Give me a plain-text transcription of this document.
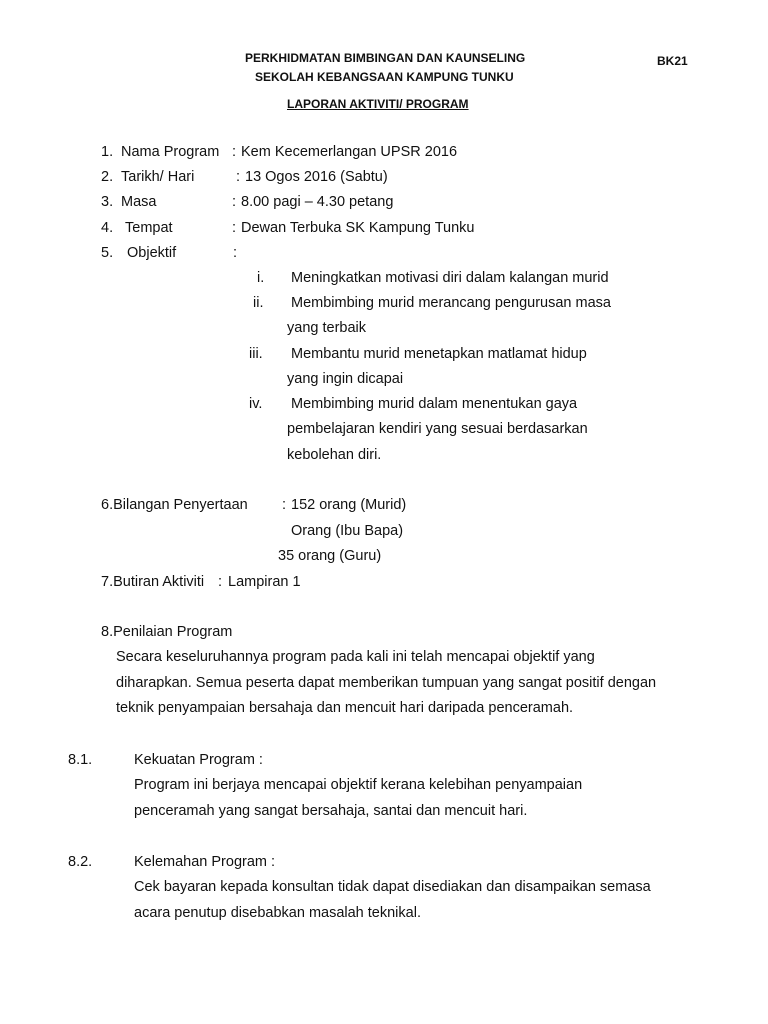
PERKHIDMATAN BIMBINGAN DAN KAUNSELING
SEKOLAH KEBANGSAAN KAMPUNG TUNKU
BK21
LAPORAN AKTIVITI/ PROGRAM
1. Nama Program : Kem Kecemerlangan UPSR 2016
2. Tarikh/ Hari	: 13 Ogos 2016 (Sabtu)
3. Masa	: 8.00 pagi – 4.30 petang
4. Tempat	: Dewan Terbuka SK Kampung Tunku
5. Objektif	:
i. Meningkatkan motivasi diri dalam kalangan murid
ii. Membimbing murid merancang pengurusan masa
yang terbaik
iii. Membantu murid menetapkan matlamat hidup
yang ingin dicapai
iv. Membimbing murid dalam menentukan gaya
pembelajaran kendiri yang sesuai berdasarkan
kebolehan diri.
6.Bilangan Penyertaan : 152 orang (Murid)
Orang (Ibu Bapa)
35 orang (Guru)
7.Butiran Aktiviti : Lampiran 1
8.Penilaian Program
Secara keseluruhannya program pada kali ini telah mencapai objektif yang
diharapkan. Semua peserta dapat memberikan tumpuan yang sangat positif dengan
teknik penyampaian bersahaja dan mencuit hari daripada penceramah.
8.1.	Kekuatan Program :
Program ini berjaya mencapai objektif kerana kelebihan penyampaian
penceramah yang sangat bersahaja, santai dan mencuit hari.
8.2.	Kelemahan Program :
Cek bayaran kepada konsultan tidak dapat disediakan dan disampaikan semasa
acara penutup disebabkan masalah teknikal.
